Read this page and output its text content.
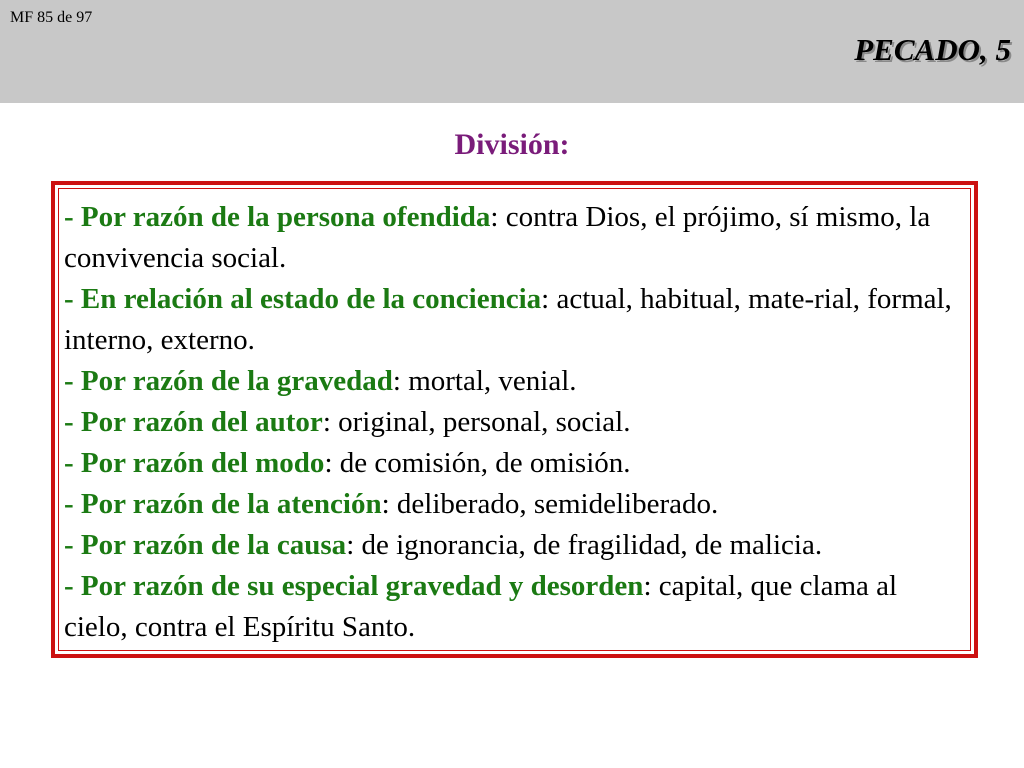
MF 85 de 97
PECADO, 5
División:

- Por razón de la persona ofendida: contra Dios, el prójimo, sí mismo, la convivencia social.

- En relación al estado de la conciencia: actual, habitual, mate-rial, formal, interno, externo.

- Por razón de la gravedad: mortal, venial.

- Por razón del autor: original, personal, social.

- Por razón del modo: de comisión, de omisión.

- Por razón de la atención: deliberado, semideliberado.

- Por razón de la causa: de ignorancia, de fragilidad, de malicia.

- Por razón de su especial gravedad y desorden: capital, que clama al cielo, contra el Espíritu Santo.
